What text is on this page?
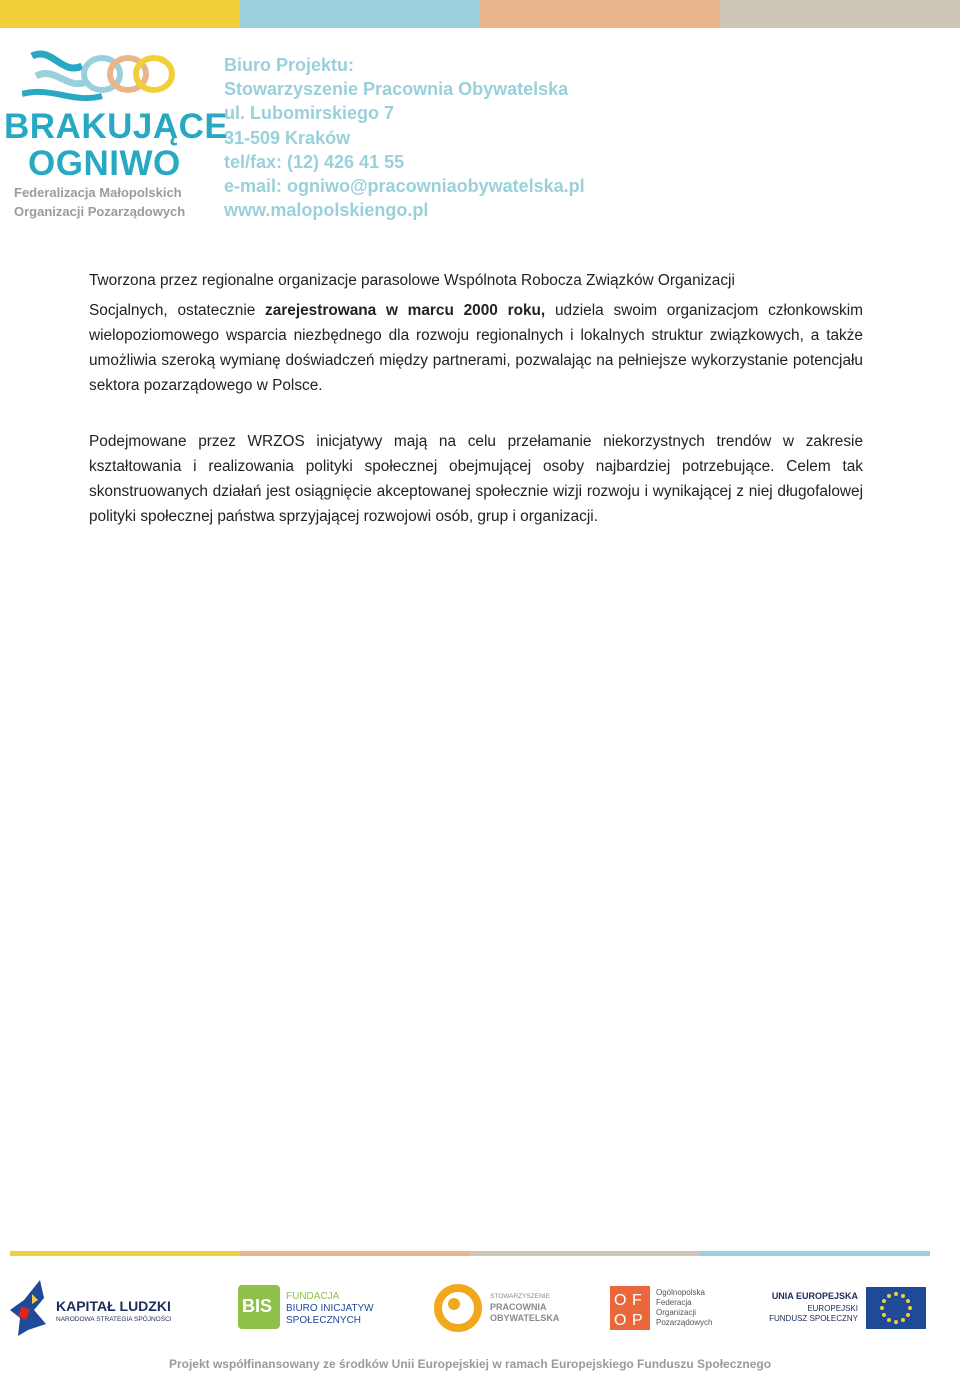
BRAKUJĄCE
OGNIWO
Federalizacja Małopolskich
Organizacji Pozarządowych
Biuro Projektu:
Stowarzyszenie Pracownia Obywatelska
ul. Lubomirskiego 7
31-509 Kraków
tel/fax: (12) 426 41 55
e-mail: ogniwo@pracowniaobywatelska.pl
www.malopolskiengo.pl

Tworzona przez regionalne organizacje parasolowe Wspólnota Robocza Związków Organizacji

Socjalnych, ostatecznie zarejestrowana w marcu 2000 roku, udziela swoim organizacjom członkowskim wielopoziomowego wsparcia niezbędnego dla rozwoju regionalnych i lokalnych struktur związkowych, a także umożliwia szeroką wymianę doświadczeń między partnerami, pozwalając na pełniejsze wykorzystanie potencjału sektora pozarządowego w Polsce.

Podejmowane przez WRZOS inicjatywy mają na celu przełamanie niekorzystnych trendów w zakresie kształtowania i realizowania polityki społecznej obejmującej osoby najbardziej potrzebujące. Celem tak skonstruowanych działań jest osiągnięcie akceptowanej społecznie wizji rozwoju i wynikającej z niej długofalowej polityki społecznej państwa sprzyjającej rozwojowi osób, grup i organizacji.

KAPITAŁ LUDZKI
NARODOWA STRATEGIA SPÓJNOŚCI
BIS FUNDACJA
BIURO INICJATYW
SPOŁECZNYCH
STOWARZYSZENIE
PRACOWNIA
OBYWATELSKA
O F
O P
Ogólnopolska
Federacja
Organizacji
Pozarządowych
UNIA EUROPEJSKA
EUROPEJSKI
FUNDUSZ SPOŁECZNY
Projekt współfinansowany ze środków Unii Europejskiej w ramach Europejskiego Funduszu Społecznego
